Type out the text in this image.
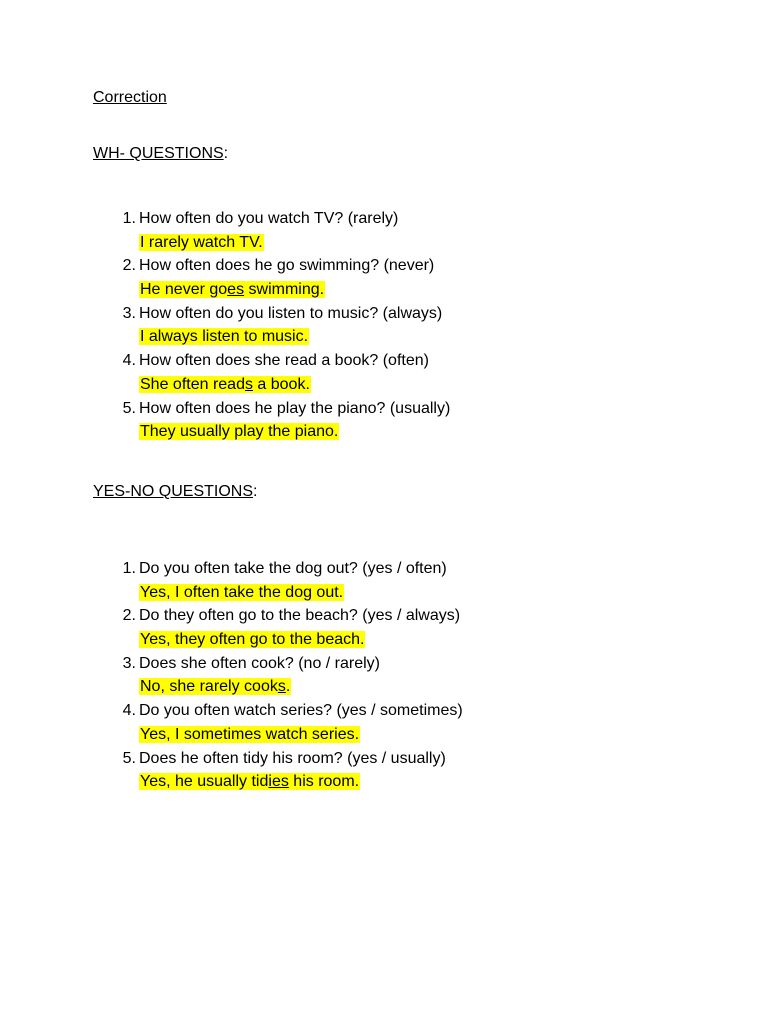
Correction
WH- QUESTIONS:
1. How often do you watch TV? (rarely)
I rarely watch TV.
2. How often does he go swimming? (never)
He never goes swimming.
3. How often do you listen to music? (always)
I always listen to music.
4. How often does she read a book? (often)
She often reads a book.
5. How often does he play the piano? (usually)
They usually play the piano.
YES-NO QUESTIONS:
1. Do you often take the dog out? (yes / often)
Yes, I often take the dog out.
2. Do they often go to the beach? (yes / always)
Yes, they often go to the beach.
3. Does she often cook? (no / rarely)
No, she rarely cooks.
4. Do you often watch series? (yes / sometimes)
Yes, I sometimes watch series.
5. Does he often tidy his room? (yes / usually)
Yes, he usually tidies his room.
